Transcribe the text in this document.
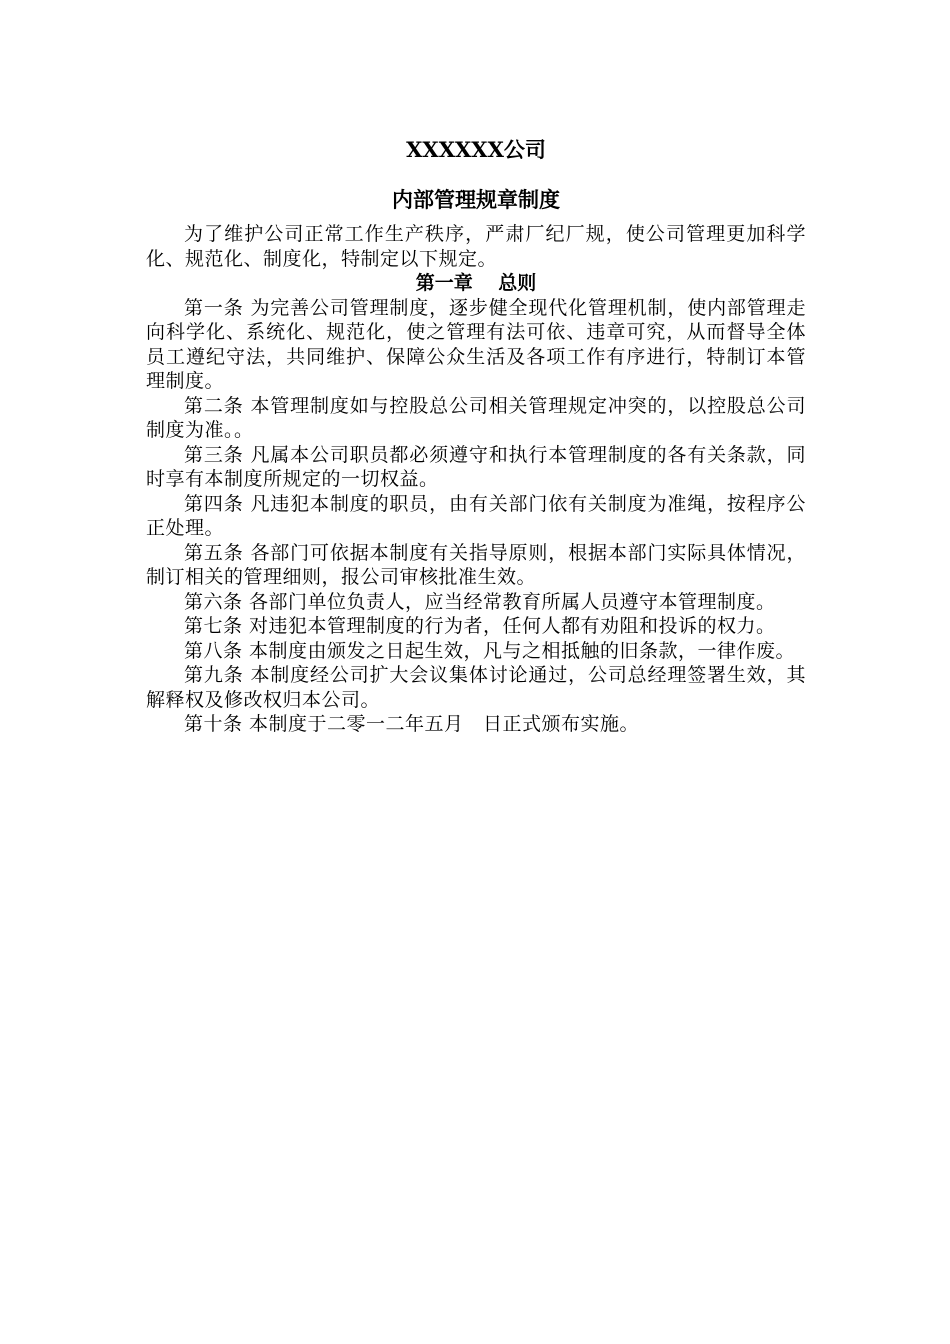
XXXXXX公司
内部管理规章制度

为了维护公司正常工作生产秩序，严肃厂纪厂规，使公司管理更加科学化、规范化、制度化，特制定以下规定。

第一章　 总则

第一条 为完善公司管理制度，逐步健全现代化管理机制，使内部管理走向科学化、系统化、规范化，使之管理有法可依、违章可究，从而督导全体员工遵纪守法，共同维护、保障公众生活及各项工作有序进行，特制订本管理制度。

第二条 本管理制度如与控股总公司相关管理规定冲突的，以控股总公司制度为准。。

第三条 凡属本公司职员都必须遵守和执行本管理制度的各有关条款，同时享有本制度所规定的一切权益。

第四条 凡违犯本制度的职员，由有关部门依有关制度为准绳，按程序公正处理。

第五条 各部门可依据本制度有关指导原则，根据本部门实际具体情况，制订相关的管理细则，报公司审核批准生效。

第六条 各部门单位负责人，应当经常教育所属人员遵守本管理制度。

第七条 对违犯本管理制度的行为者，任何人都有劝阻和投诉的权力。

第八条 本制度由颁发之日起生效，凡与之相抵触的旧条款，一律作废。

第九条 本制度经公司扩大会议集体讨论通过，公司总经理签署生效，其解释权及修改权归本公司。

第十条 本制度于二零一二年五月　日正式颁布实施。
